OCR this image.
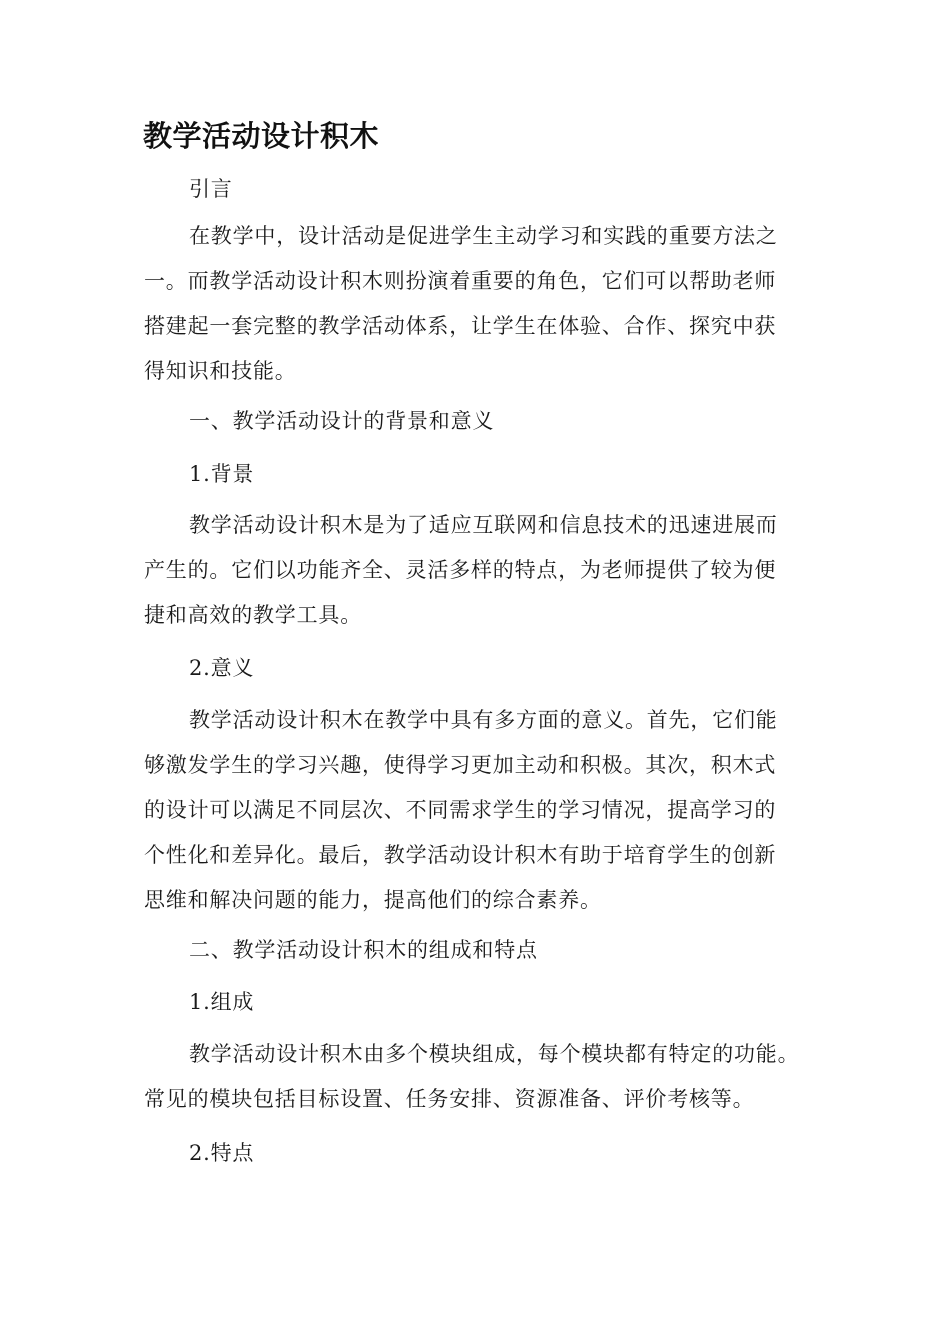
教学活动设计积木

引言

在教学中，设计活动是促进学生主动学习和实践的重要方法之
一。而教学活动设计积木则扮演着重要的角色，它们可以帮助老师
搭建起一套完整的教学活动体系，让学生在体验、合作、探究中获
得知识和技能。

一、教学活动设计的背景和意义

1.背景

教学活动设计积木是为了适应互联网和信息技术的迅速进展而
产生的。它们以功能齐全、灵活多样的特点，为老师提供了较为便
捷和高效的教学工具。

2.意义

教学活动设计积木在教学中具有多方面的意义。首先，它们能
够激发学生的学习兴趣，使得学习更加主动和积极。其次，积木式
的设计可以满足不同层次、不同需求学生的学习情况，提高学习的
个性化和差异化。最后，教学活动设计积木有助于培育学生的创新
思维和解决问题的能力，提高他们的综合素养。

二、教学活动设计积木的组成和特点

1.组成

教学活动设计积木由多个模块组成，每个模块都有特定的功能。
常见的模块包括目标设置、任务安排、资源准备、评价考核等。

2.特点
